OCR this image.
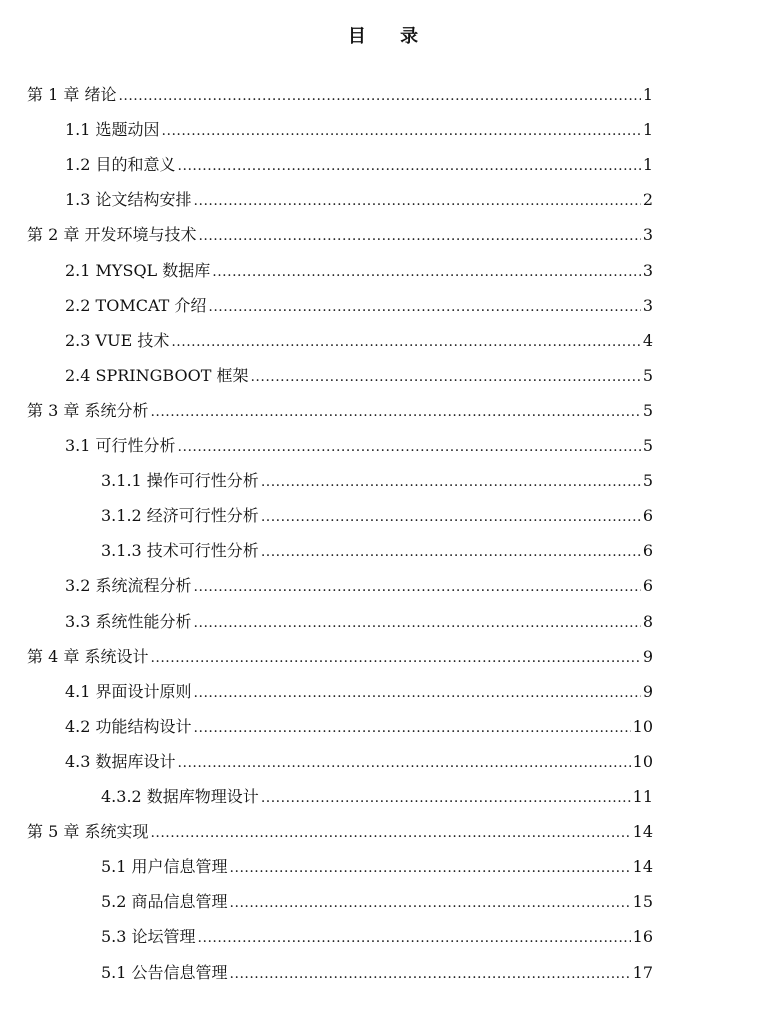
目 录
第 1 章 绪论 .....	1
1.1 选题动因 .....	1
1.2 目的和意义 .....	1
1.3 论文结构安排 .....	2
第 2 章 开发环境与技术 .....	3
2.1 MYSQL 数据库 .....	3
2.2 TOMCAT 介绍 .....	3
2.3 VUE 技术 .....	4
2.4 SPRINGBOOT 框架 .....	5
第 3 章 系统分析 .....	5
3.1 可行性分析 .....	5
3.1.1 操作可行性分析 .....	5
3.1.2 经济可行性分析 .....	6
3.1.3 技术可行性分析 .....	6
3.2 系统流程分析 .....	6
3.3 系统性能分析 .....	8
第 4 章 系统设计 .....	9
4.1 界面设计原则 .....	9
4.2 功能结构设计 .....	10
4.3 数据库设计 .....	10
4.3.2 数据库物理设计 .....	11
第 5 章 系统实现 .....	14
5.1 用户信息管理 .....	14
5.2 商品信息管理 .....	15
5.3 论坛管理 .....	16
5.1 公告信息管理 .....	17
